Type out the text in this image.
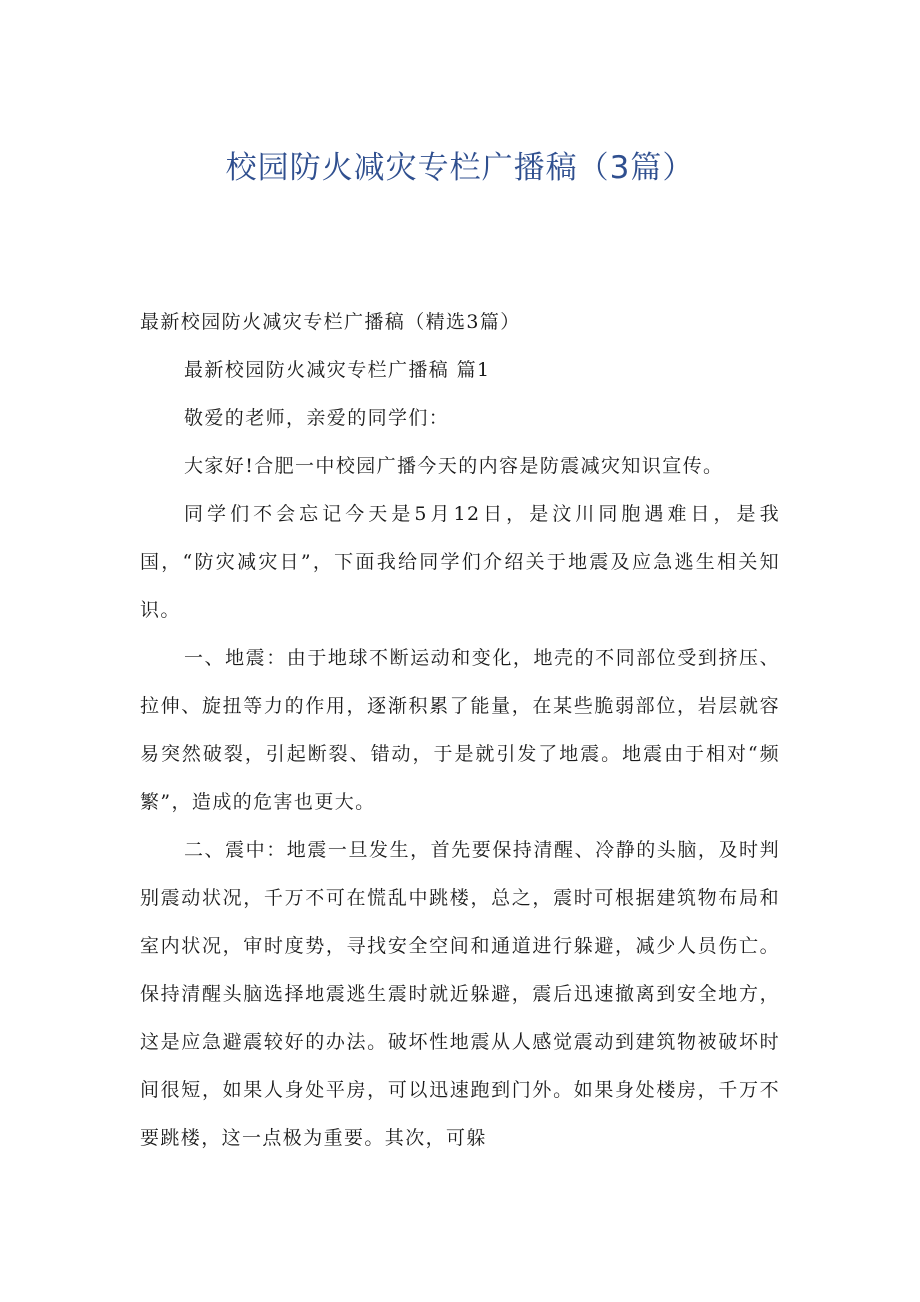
校园防火减灾专栏广播稿（3篇）

最新校园防火减灾专栏广播稿（精选3篇）

最新校园防火减灾专栏广播稿 篇1

敬爱的老师，亲爱的同学们：

大家好!合肥一中校园广播今天的内容是防震减灾知识宣传。

同学们不会忘记今天是5月12日，是汶川同胞遇难日，是我国，“防灾减灾日”，下面我给同学们介绍关于地震及应急逃生相关知识。

一、地震：由于地球不断运动和变化，地壳的不同部位受到挤压、拉伸、旋扭等力的作用，逐渐积累了能量，在某些脆弱部位，岩层就容易突然破裂，引起断裂、错动，于是就引发了地震。地震由于相对“频繁”，造成的危害也更大。

二、震中：地震一旦发生，首先要保持清醒、冷静的头脑，及时判别震动状况，千万不可在慌乱中跳楼，总之，震时可根据建筑物布局和室内状况，审时度势，寻找安全空间和通道进行躲避，减少人员伤亡。保持清醒头脑选择地震逃生震时就近躲避，震后迅速撤离到安全地方，这是应急避震较好的办法。破坏性地震从人感觉震动到建筑物被破坏时间很短，如果人身处平房，可以迅速跑到门外。如果身处楼房，千万不要跳楼，这一点极为重要。其次，可躲
